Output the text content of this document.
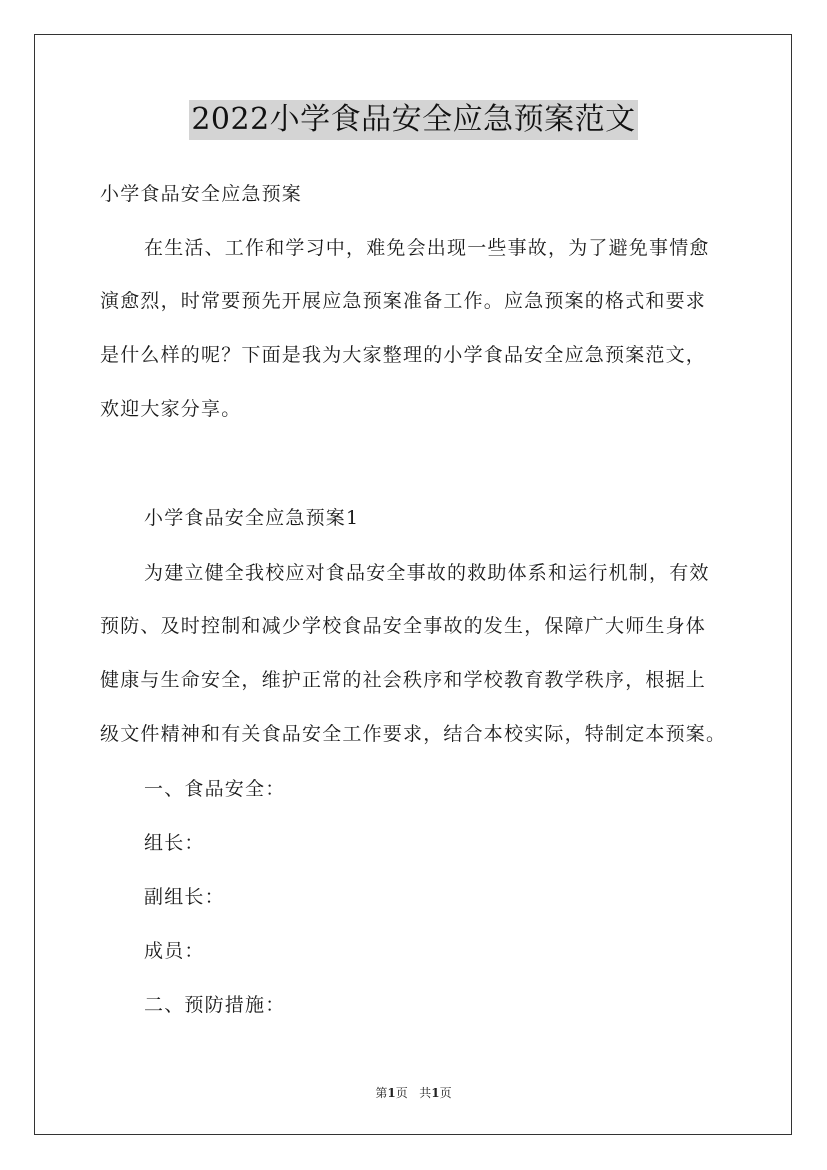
2022小学食品安全应急预案范文
小学食品安全应急预案
在生活、工作和学习中，难免会出现一些事故，为了避免事情愈
演愈烈，时常要预先开展应急预案准备工作。应急预案的格式和要求
是什么样的呢？下面是我为大家整理的小学食品安全应急预案范文，
欢迎大家分享。
小学食品安全应急预案1
为建立健全我校应对食品安全事故的救助体系和运行机制，有效
预防、及时控制和减少学校食品安全事故的发生，保障广大师生身体
健康与生命安全，维护正常的社会秩序和学校教育教学秩序，根据上
级文件精神和有关食品安全工作要求，结合本校实际，特制定本预案。
一、食品安全：
组长：
副组长：
成员：
二、预防措施：
第1页 共1页
